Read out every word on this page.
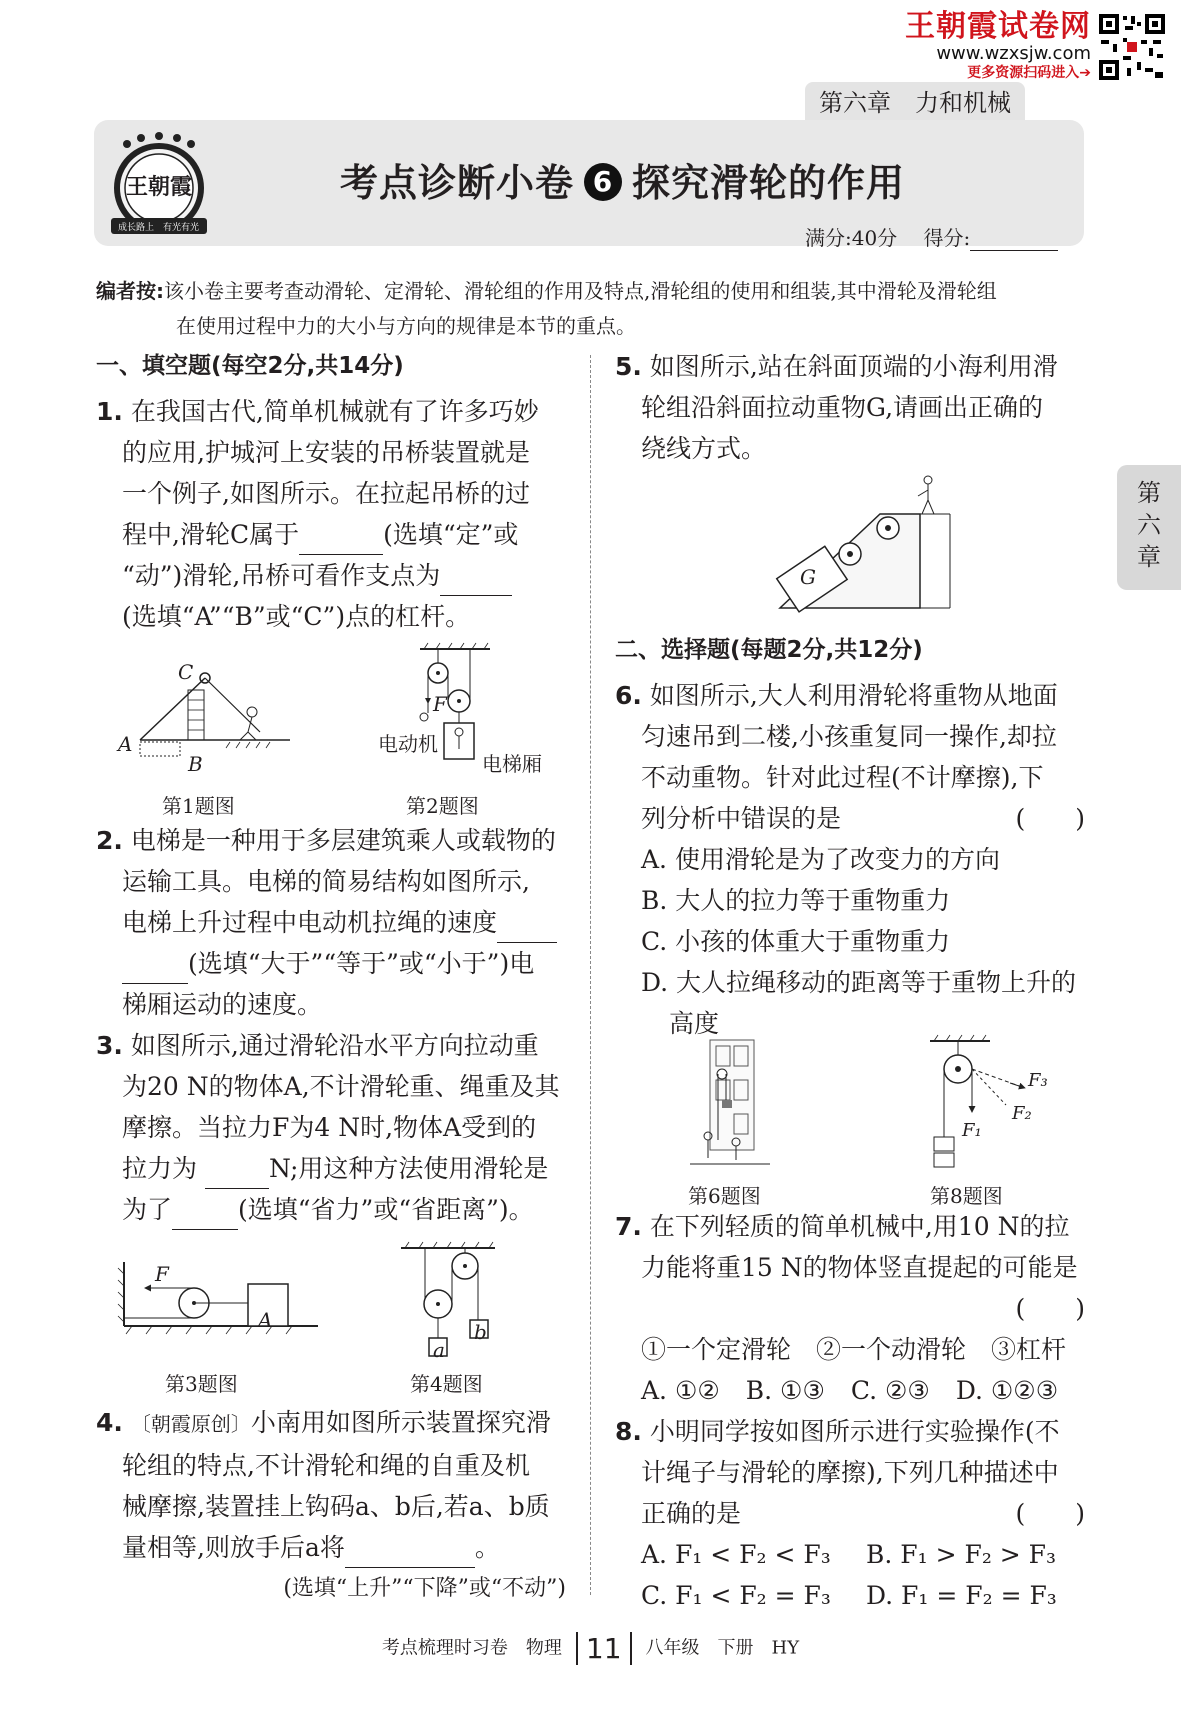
王朝霞试卷网
www.wzxsjw.com
更多资源扫码进入➔
第六章　力和机械
王朝霞
成长路上　有光有光
考点诊断小卷 6 探究滑轮的作用
满分:40分　 得分:
编者按:该小卷主要考查动滑轮、定滑轮、滑轮组的作用及特点,滑轮组的使用和组装,其中滑轮及滑轮组
在使用过程中力的大小与方向的规律是本节的重点。
一、填空题(每空2分,共14分)
1. 在我国古代,简单机械就有了许多巧妙
的应用,护城河上安装的吊桥装置就是
一个例子,如图所示。在拉起吊桥的过
程中,滑轮C属于	(选填“定”或
“动”)滑轮,吊桥可看作支点为
(选填“A”“B”或“C”)点的杠杆。
C
A
B
第1题图
F
电动机
电梯厢
第2题图
2. 电梯是一种用于多层建筑乘人或载物的
运输工具。电梯的简易结构如图所示,
电梯上升过程中电动机拉绳的速度
(选填“大于”“等于”或“小于”)电
梯厢运动的速度。
3. 如图所示,通过滑轮沿水平方向拉动重
为20 N的物体A,不计滑轮重、绳重及其
摩擦。当拉力F为4 N时,物体A受到的
拉力为	N;用这种方法使用滑轮是
为了	(选填“省力”或“省距离”)。
F
A
第3题图
a
b
第4题图
4. 〔朝霞原创〕小南用如图所示装置探究滑
轮组的特点,不计滑轮和绳的自重及机
械摩擦,装置挂上钩码a、b后,若a、b质
量相等,则放手后a将	。
(选填“上升”“下降”或“不动”)
5. 如图所示,站在斜面顶端的小海利用滑
轮组沿斜面拉动重物G,请画出正确的
绕线方式。
G
二、选择题(每题2分,共12分)
6. 如图所示,大人利用滑轮将重物从地面
匀速吊到二楼,小孩重复同一操作,却拉
不动重物。针对此过程(不计摩擦),下
列分析中错误的是	(　　)
A. 使用滑轮是为了改变力的方向
B. 大人的拉力等于重物重力
C. 小孩的体重大于重物重力
D. 大人拉绳移动的距离等于重物上升的
高度
第6题图
F₃
F₂
F₁
第8题图
7. 在下列轻质的简单机械中,用10 N的拉
力能将重15 N的物体竖直提起的可能是
(　　)
①一个定滑轮　②一个动滑轮　③杠杆
A. ①② B. ①③ C. ②③ D. ①②③
8. 小明同学按如图所示进行实验操作(不
计绳子与滑轮的摩擦),下列几种描述中
正确的是	(　　)
A. F₁ < F₂ < F₃	B. F₁ > F₂ > F₃
C. F₁ < F₂ = F₃	D. F₁ = F₂ = F₃
第
六
章
考点梳理时习卷　物理 11 八年级　下册　HY
